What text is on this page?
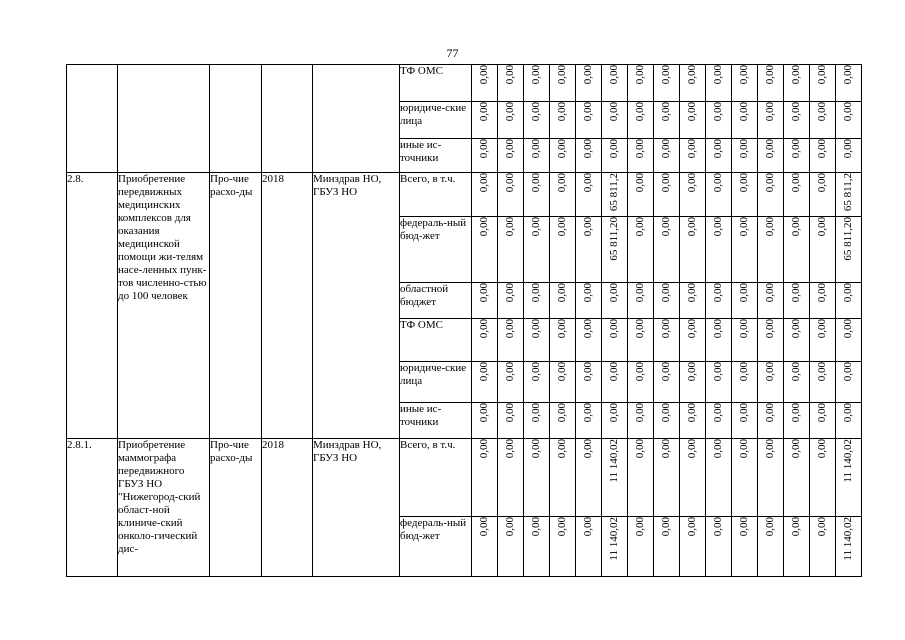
77
					ТФ ОМС	0,00	0,00	0,00	0,00	0,00	0,00	0,00	0,00	0,00	0,00	0,00	0,00	0,00	0,00	0,00
					юридиче-ские лица	0,00	0,00	0,00	0,00	0,00	0,00	0,00	0,00	0,00	0,00	0,00	0,00	0,00	0,00	0,00
					иные ис-точники	0,00	0,00	0,00	0,00	0,00	0,00	0,00	0,00	0,00	0,00	0,00	0,00	0,00	0,00	0,00
2.8.	Приобретение передвижных медицинских комплексов для оказания медицинской помощи жи-телям насе-ленных пунк-тов численно-стью до 100 человек	Про-чие расхо-ды	2018	Минздрав НО, ГБУЗ НО	Всего, в т.ч.	0,00	0,00	0,00	0,00	0,00	65 811,2	0,00	0,00	0,00	0,00	0,00	0,00	0,00	0,00	65 811,2
					федераль-ный бюд-жет	0,00	0,00	0,00	0,00	0,00	65 811,20	0,00	0,00	0,00	0,00	0,00	0,00	0,00	0,00	65 811,20
					областной бюджет	0,00	0,00	0,00	0,00	0,00	0,00	0,00	0,00	0,00	0,00	0,00	0,00	0,00	0,00	0,00
					ТФ ОМС	0,00	0,00	0,00	0,00	0,00	0,00	0,00	0,00	0,00	0,00	0,00	0,00	0,00	0,00	0,00
					юридиче-ские лица	0,00	0,00	0,00	0,00	0,00	0,00	0,00	0,00	0,00	0,00	0,00	0,00	0,00	0,00	0,00
					иные ис-точники	0,00	0,00	0,00	0,00	0,00	0,00	0,00	0,00	0,00	0,00	0,00	0,00	0,00	0,00	0,00
2.8.1.	Приобретение маммографа передвижного ГБУЗ НО "Нижегород-ский област-ной клиниче-ский онколо-гический дис-	Про-чие расхо-ды	2018	Минздрав НО, ГБУЗ НО	Всего, в т.ч.	0,00	0,00	0,00	0,00	0,00	11 140,02	0,00	0,00	0,00	0,00	0,00	0,00	0,00	0,00	11 140,02
					федераль-ный бюд-жет	0,00	0,00	0,00	0,00	0,00	11 140,02	0,00	0,00	0,00	0,00	0,00	0,00	0,00	0,00	11 140,02
